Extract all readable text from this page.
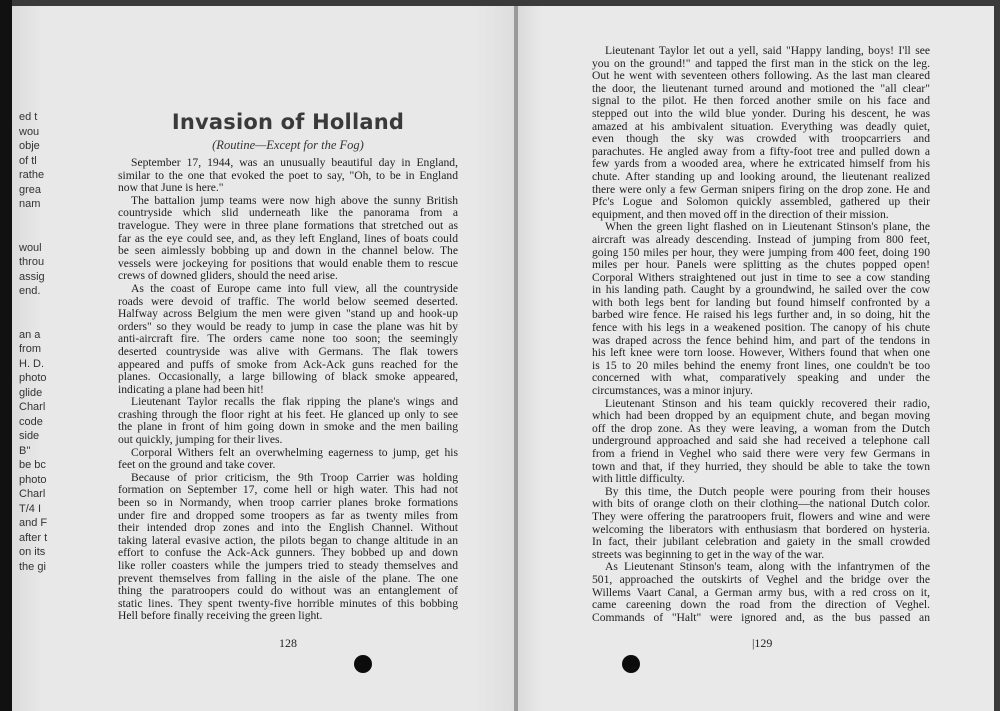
ed t
wou
obje
of tl
rathe
grea
nam
woul
throu
assig
end.
an a
from
H. D.
photo
glide
Charl
code
side
B''
be bc
photo
Charl
T/4 I
and F
after t
on its
the gi
Invasion of Holland
(Routine—Except for the Fog)
September 17, 1944, was an unusually beautiful day in England,
similar to the one that evoked the poet to say, "Oh, to be in England
now that June is here."
The battalion jump teams were now high above the sunny British
countryside which slid underneath like the panorama from a
travelogue. They were in three plane formations that stretched out as
far as the eye could see, and, as they left England, lines of boats could
be seen aimlessly bobbing up and down in the channel below. The
vessels were jockeying for positions that would enable them to rescue
crews of downed gliders, should the need arise.
As the coast of Europe came into full view, all the countryside
roads were devoid of traffic. The world below seemed deserted.
Halfway across Belgium the men were given "stand up and hook-up
orders" so they would be ready to jump in case the plane was hit by
anti-aircraft fire. The orders came none too soon; the seemingly
deserted countryside was alive with Germans. The flak towers
appeared and puffs of smoke from Ack-Ack guns reached for the
planes. Occasionally, a large billowing of black smoke appeared,
indicating a plane had been hit!
Lieutenant Taylor recalls the flak ripping the plane's wings and
crashing through the floor right at his feet. He glanced up only to see
the plane in front of him going down in smoke and the men bailing
out quickly, jumping for their lives.
Corporal Withers felt an overwhelming eagerness to jump, get his
feet on the ground and take cover.
Because of prior criticism, the 9th Troop Carrier was holding
formation on September 17, come hell or high water. This had not
been so in Normandy, when troop carrier planes broke formations
under fire and dropped some troopers as far as twenty miles from
their intended drop zones and into the English Channel. Without
taking lateral evasive action, the pilots began to change altitude in an
effort to confuse the Ack-Ack gunners. They bobbed up and down
like roller coasters while the jumpers tried to steady themselves and
prevent themselves from falling in the aisle of the plane. The one
thing the paratroopers could do without was an entanglement of
static lines. They spent twenty-five horrible minutes of this bobbing
Hell before finally receiving the green light.
Lieutenant Taylor let out a yell, said "Happy landing, boys! I'll see
you on the ground!" and tapped the first man in the stick on the leg.
Out he went with seventeen others following. As the last man cleared
the door, the lieutenant turned around and motioned the "all clear"
signal to the pilot. He then forced another smile on his face and
stepped out into the wild blue yonder. During his descent, he was
amazed at his ambivalent situation. Everything was deadly quiet,
even though the sky was crowded with troopcarriers and
parachutes. He angled away from a fifty-foot tree and pulled down a
few yards from a wooded area, where he extricated himself from his
chute. After standing up and looking around, the lieutenant realized
there were only a few German snipers firing on the drop zone. He and
Pfc's Logue and Solomon quickly assembled, gathered up their
equipment, and then moved off in the direction of their mission.
When the green light flashed on in Lieutenant Stinson's plane, the
aircraft was already descending. Instead of jumping from 800 feet,
going 150 miles per hour, they were jumping from 400 feet, doing 190
miles per hour. Panels were splitting as the chutes popped open!
Corporal Withers straightened out just in time to see a cow standing
in his landing path. Caught by a groundwind, he sailed over the cow
with both legs bent for landing but found himself confronted by a
barbed wire fence. He raised his legs further and, in so doing, hit the
fence with his legs in a weakened position. The canopy of his chute
was draped across the fence behind him, and part of the tendons in
his left knee were torn loose. However, Withers found that when one
is 15 to 20 miles behind the enemy front lines, one couldn't be too
concerned with what, comparatively speaking and under the
circumstances, was a minor injury.
Lieutenant Stinson and his team quickly recovered their radio,
which had been dropped by an equipment chute, and began moving
off the drop zone. As they were leaving, a woman from the Dutch
underground approached and said she had received a telephone call
from a friend in Veghel who said there were very few Germans in
town and that, if they hurried, they should be able to take the town
with little difficulty.
By this time, the Dutch people were pouring from their houses
with bits of orange cloth on their clothing—the national Dutch color.
They were offering the paratroopers fruit, flowers and wine and were
welcoming the liberators with enthusiasm that bordered on hysteria.
In fact, their jubilant celebration and gaiety in the small crowded
streets was beginning to get in the way of the war.
As Lieutenant Stinson's team, along with the infantrymen of the
501, approached the outskirts of Veghel and the bridge over the
Willems Vaart Canal, a German army bus, with a red cross on it,
came careening down the road from the direction of Veghel.
Commands of "Halt" were ignored and, as the bus passed an
128	|129
